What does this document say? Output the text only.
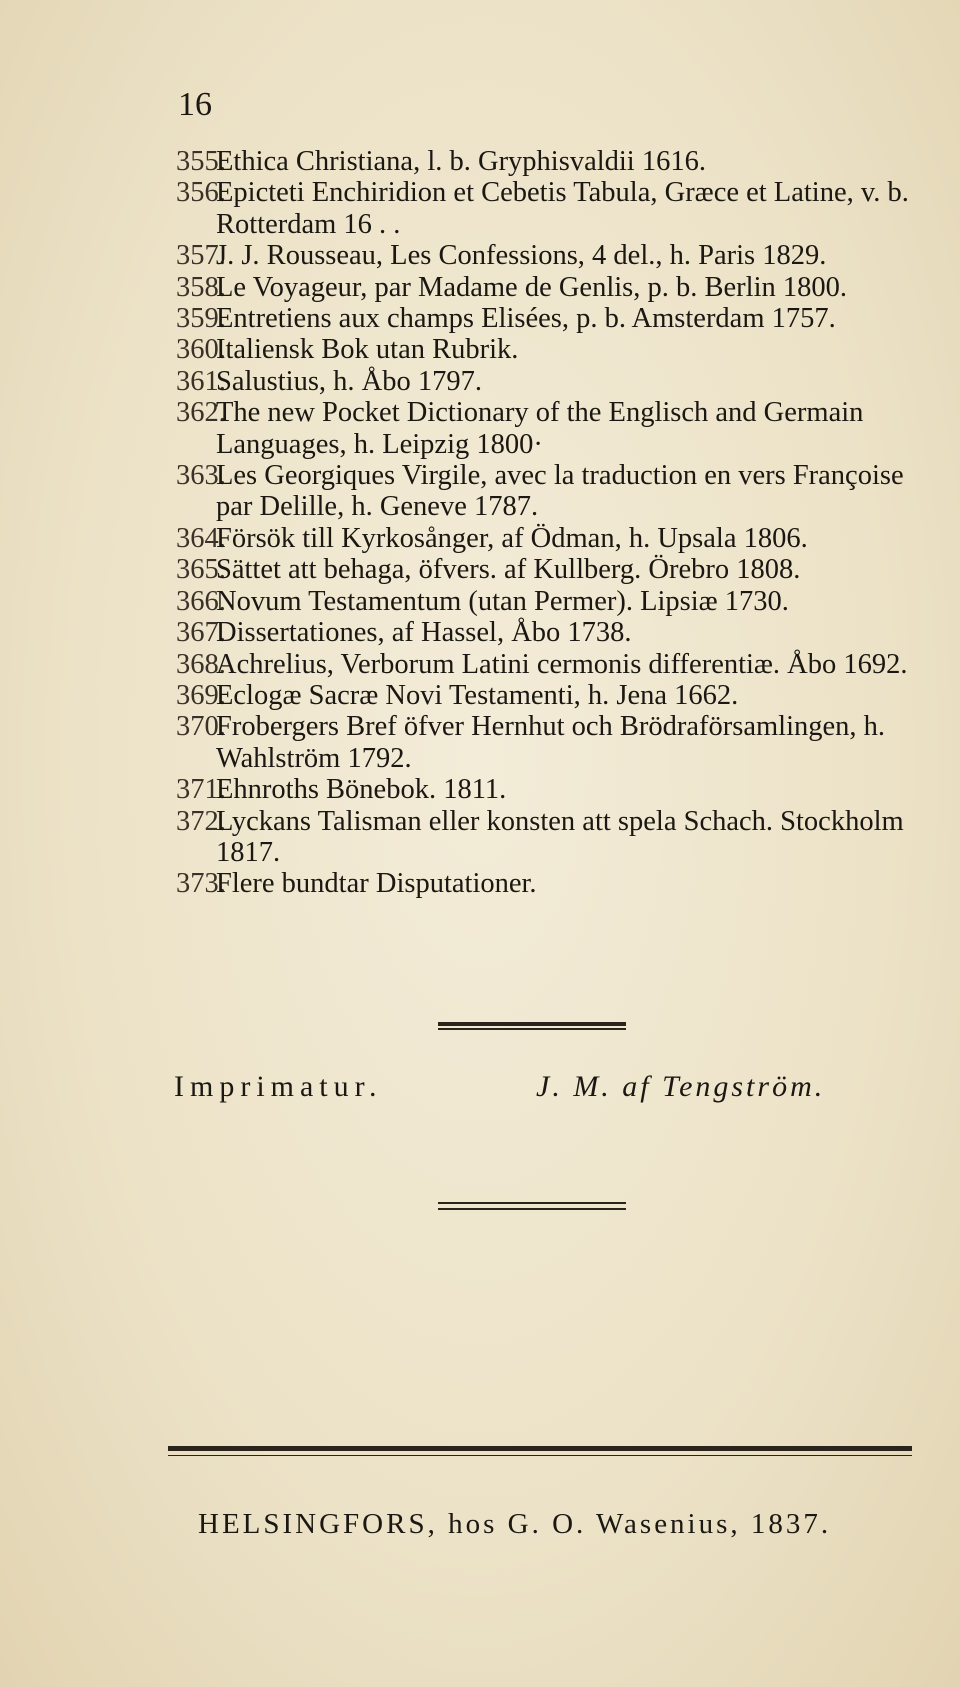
16
355.Ethica Christiana, l. b. Gryphisvaldii 1616.
356.Epicteti Enchiridion et Cebetis Tabula, Græce et Latine, v. b. Rotterdam 16 . .
357.J. J. Rousseau, Les Confessions, 4 del., h. Paris 1829.
358.Le Voyageur, par Madame de Genlis, p. b. Berlin 1800.
359.Entretiens aux champs Elisées, p. b. Amsterdam 1757.
360.Italiensk Bok utan Rubrik.
361.Salustius, h. Åbo 1797.
362.The new Pocket Dictionary of the Englisch and Germain Languages, h. Leipzig 1800·
363.Les Georgiques Virgile, avec la traduction en vers Françoise par Delille, h. Geneve 1787.
364.Försök till Kyrkosånger, af Ödman, h. Upsala 1806.
365.Sättet att behaga, öfvers. af Kullberg. Örebro 1808.
366.Novum Testamentum (utan Permer). Lipsiæ 1730.
367.Dissertationes, af Hassel, Åbo 1738.
368.Achrelius, Verborum Latini cermonis differentiæ. Åbo 1692.
369.Eclogæ Sacræ Novi Testamenti, h. Jena 1662.
370.Frobergers Bref öfver Hernhut och Brödraförsamlingen, h. Wahlström 1792.
371.Ehnroths Bönebok. 1811.
372.Lyckans Talisman eller konsten att spela Schach. Stockholm 1817.
373.Flere bundtar Disputationer.
Imprimatur.	J. M. af Tengström.
HELSINGFORS, hos G. O. Wasenius, 1837.
